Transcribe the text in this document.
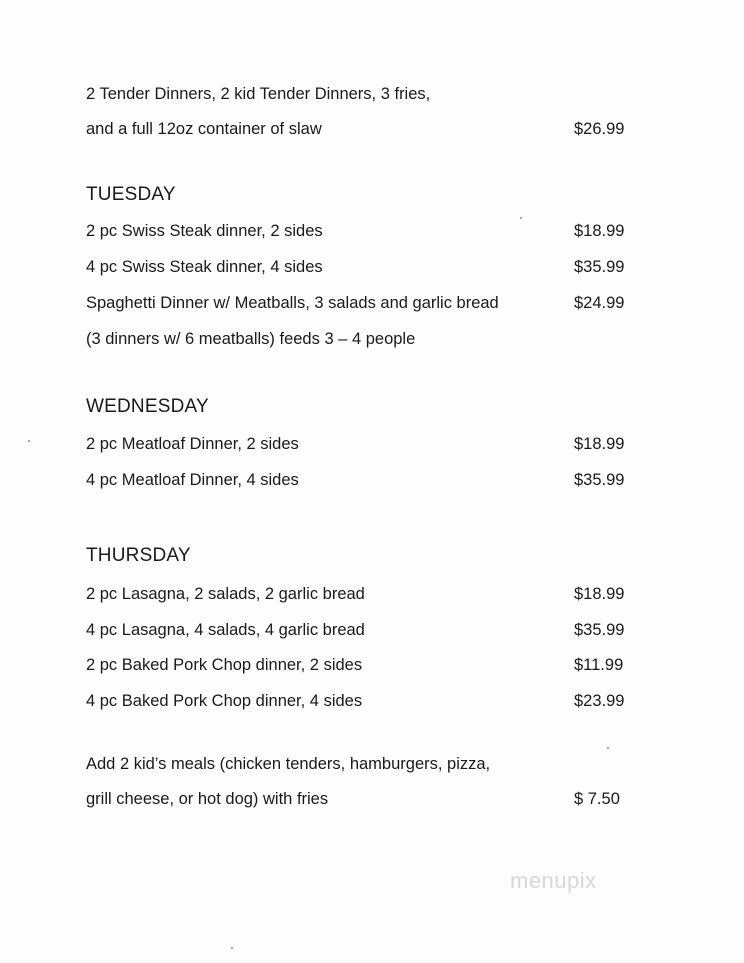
2 Tender Dinners, 2 kid Tender Dinners, 3 fries,
and a full 12oz container of slaw	$26.99
TUESDAY
2 pc Swiss Steak dinner, 2 sides	$18.99
4 pc Swiss Steak dinner, 4 sides	$35.99
Spaghetti Dinner w/ Meatballs, 3 salads and garlic bread	$24.99
(3 dinners w/ 6 meatballs) feeds 3 – 4 people
WEDNESDAY
2 pc Meatloaf Dinner, 2 sides	$18.99
4 pc Meatloaf Dinner, 4 sides	$35.99
THURSDAY
2 pc Lasagna, 2 salads, 2 garlic bread	$18.99
4 pc Lasagna, 4 salads, 4 garlic bread	$35.99
2 pc Baked Pork Chop dinner, 2 sides	$11.99
4 pc Baked Pork Chop dinner, 4 sides	$23.99
Add 2 kid’s meals (chicken tenders, hamburgers, pizza,
grill cheese, or hot dog) with fries	$ 7.50
menupix
